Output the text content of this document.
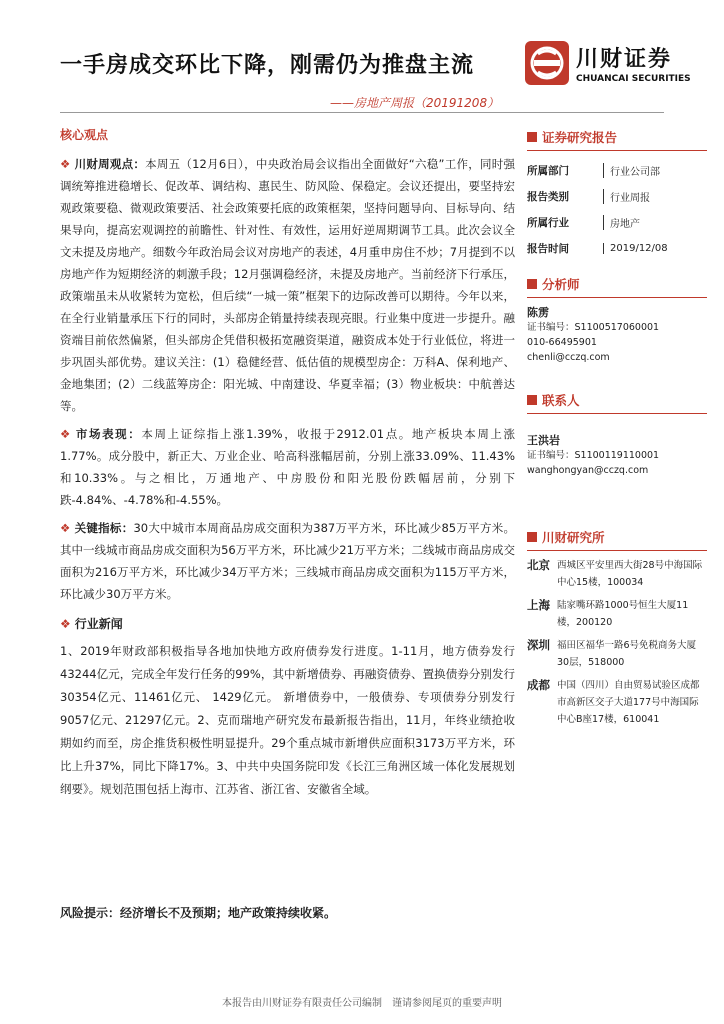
一手房成交环比下降，刚需仍为推盘主流
——房地产周报（20191208）
川财证券
CHUANCAI SECURITIES
核心观点

❖ 川财周观点：本周五（12月6日），中央政治局会议指出全面做好“六稳”工作，同时强调统筹推进稳增长、促改革、调结构、惠民生、防风险、保稳定。会议还提出，要坚持宏观政策要稳、微观政策要活、社会政策要托底的政策框架，坚持问题导向、目标导向、结果导向，提高宏观调控的前瞻性、针对性、有效性，运用好逆周期调节工具。此次会议全文未提及房地产。细数今年政治局会议对房地产的表述，4月重申房住不炒；7月提到不以房地产作为短期经济的刺激手段；12月强调稳经济，未提及房地产。当前经济下行承压，政策端虽未从收紧转为宽松，但后续“一城一策”框架下的边际改善可以期待。今年以来，在全行业销量承压下行的同时，头部房企销量持续表现亮眼。行业集中度进一步提升。融资端目前依然偏紧，但头部房企凭借积极拓宽融资渠道，融资成本处于行业低位，将进一步巩固头部优势。建议关注：(1）稳健经营、低估值的规模型房企：万科A、保利地产、金地集团；(2）二线蓝筹房企：阳光城、中南建设、华夏幸福；(3）物业板块：中航善达等。

❖ 市场表现：本周上证综指上涨1.39%，收报于2912.01点。地产板块本周上涨1.77%。成分股中，新正大、万业企业、哈高科涨幅居前，分别上涨33.09%、11.43%和10.33%。与之相比，万通地产、中房股份和阳光股份跌幅居前，分别下跌-4.84%、-4.78%和-4.55%。

❖ 关键指标：30大中城市本周商品房成交面积为387万平方米，环比减少85万平方米。其中一线城市商品房成交面积为56万平方米，环比减少21万平方米；二线城市商品房成交面积为216万平方米，环比减少34万平方米；三线城市商品房成交面积为115万平方米，环比减少30万平方米。

❖ 行业新闻

1、2019年财政部积极指导各地加快地方政府债券发行进度。1-11月，地方债券发行43244亿元，完成全年发行任务的99%，其中新增债券、再融资债券、置换债券分别发行30354亿元、11461亿元、 1429亿元。 新增债券中，一般债券、专项债券分别发行9057亿元、21297亿元。2、克而瑞地产研究发布最新报告指出，11月，年终业绩抢收期如约而至，房企推货积极性明显提升。29个重点城市新增供应面积3173万平方米，环比上升37%，同比下降17%。3、中共中央国务院印发《长江三角洲区域一体化发展规划纲要》。规划范围包括上海市、江苏省、浙江省、安徽省全域。

风险提示：经济增长不及预期；地产政策持续收紧。
证券研究报告
所属部门	行业公司部
报告类别	行业周报
所属行业	房地产
报告时间	2019/12/08
分析师
陈雳
证书编号：S1100517060001
010-66495901
chenli@cczq.com
联系人
王洪岩
证书编号：S1100119110001
wanghongyan@cczq.com
川财研究所
北京 西城区平安里西大街28号中海国际中心15楼，100034
上海 陆家嘴环路1000号恒生大厦11楼，200120
深圳 福田区福华一路6号免税商务大厦30层，518000
成都 中国（四川）自由贸易试验区成都市高新区交子大道177号中海国际中心B座17楼，610041
本报告由川财证券有限责任公司编制　谨请参阅尾页的重要声明
